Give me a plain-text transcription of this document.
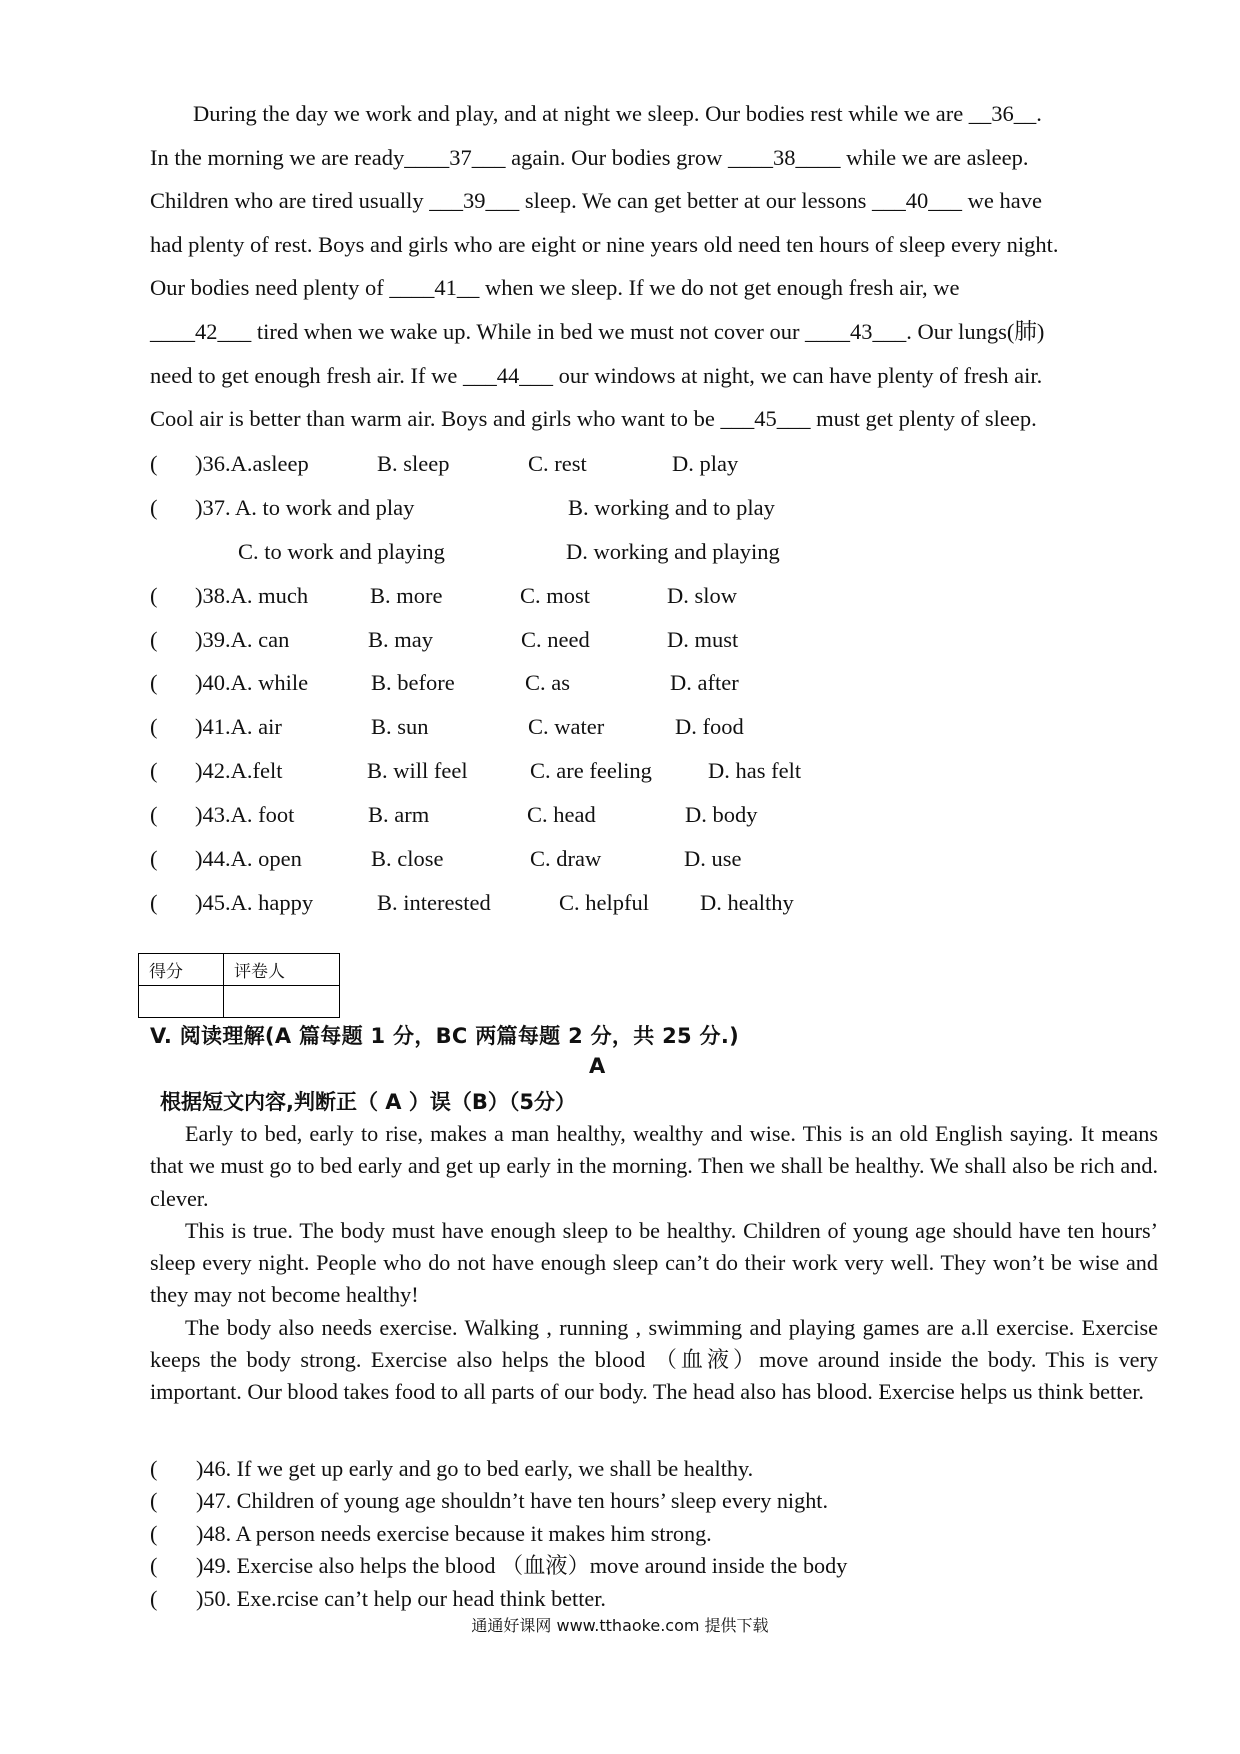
During the day we work and play, and at night we sleep. Our bodies rest while we are __36__.
In the morning we are ready____37___ again. Our bodies grow ____38____ while we are asleep.
Children who are tired usually ___39___ sleep. We can get better at our lessons ___40___ we have
had plenty of rest. Boys and girls who are eight or nine years old need ten hours of sleep every night.
Our bodies need plenty of ____41__ when we sleep. If we do not get enough fresh air, we
____42___ tired when we wake up. While in bed we must not cover our ____43___. Our lungs(肺)
need to get enough fresh air. If we ___44___ our windows at night, we can have plenty of fresh air.
Cool air is better than warm air. Boys and girls who want to be ___45___ must get plenty of sleep.
( )36.A.asleep	B. sleep	C. rest	D. play
( )37. A. to work and play	B. working and to play
C. to work and playing	D. working and playing
( )38.A. much	B. more	C. most	D. slow
( )39.A. can	B. may	C. need	D. must
( )40.A. while	B. before	C. as	D. after
( )41.A. air	B. sun	C. water	D. food
( )42.A.felt	B. will feel	C. are feeling D. has felt
( )43.A. foot	B. arm	C. head	D. body
( )44.A. open	B. close	C. draw	D. use
( )45.A. happy	B. interested	C. helpful D. healthy
得分	评卷人

V. 阅读理解(A 篇每题 1 分，BC 两篇每题 2 分，共 25 分.)
A
根据短文内容,判断正（ A ）误（B）（5分）

Early to bed, early to rise, makes a man healthy, wealthy and wise. This is an old English saying. It means that we must go to bed early and get up early in the morning. Then we shall be healthy. We shall also be rich and. clever.

This is true. The body must have enough sleep to be healthy. Children of young age should have ten hours’ sleep every night. People who do not have enough sleep can’t do their work very well. They won’t be wise and they may not become healthy!

The body also needs exercise. Walking , running , swimming and playing games are a.ll exercise. Exercise keeps the body strong. Exercise also helps the blood （血液）move around inside the body. This is very important. Our blood takes food to all parts of our body. The head also has blood. Exercise helps us think better.

( )46. If we get up early and go to bed early, we shall be healthy.
( )47. Children of young age shouldn’t have ten hours’ sleep every night.
( )48. A person needs exercise because it makes him strong.
( )49. Exercise also helps the blood （血液）move around inside the body
( )50. Exe.rcise can’t help our head think better.
通通好课网 www.tthaoke.com 提供下载
